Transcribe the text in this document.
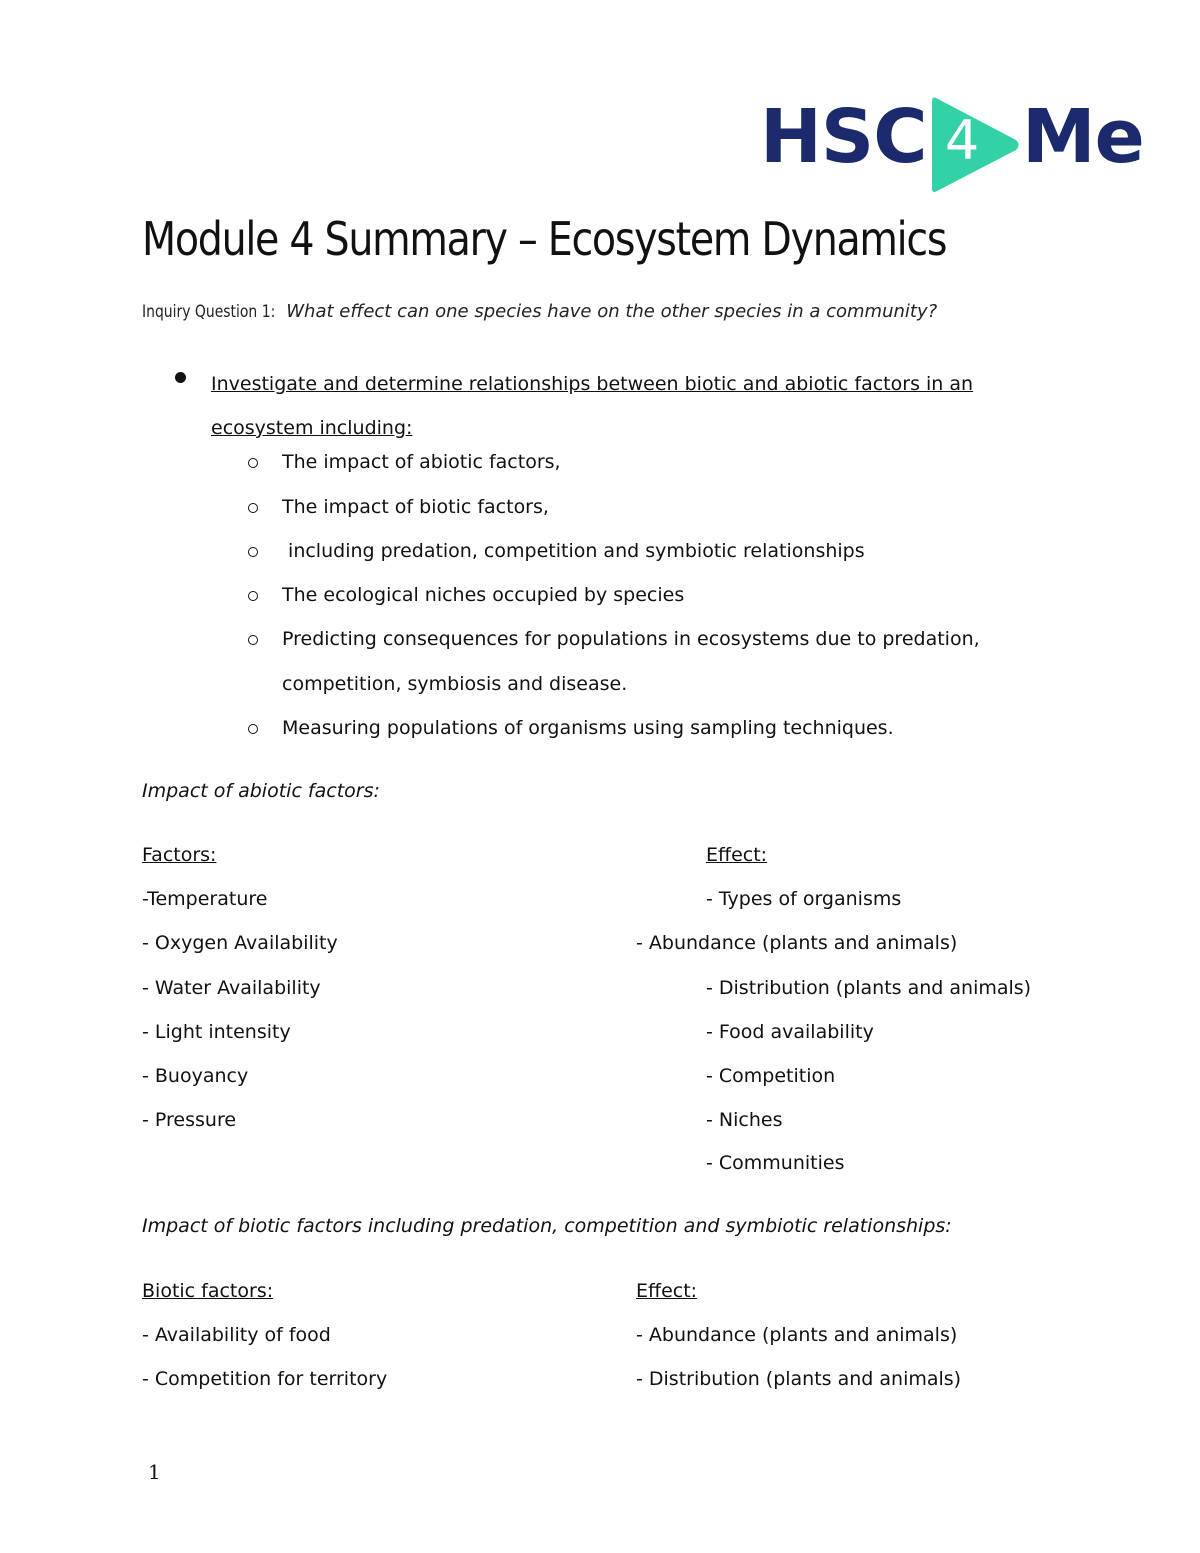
HSC 4 Me
Module 4 Summary – Ecosystem Dynamics
Inquiry Question 1: What effect can one species have on the other species in a community?
Investigate and determine relationships between biotic and abiotic factors in an ecosystem including:
The impact of abiotic factors,
The impact of biotic factors,
including predation, competition and symbiotic relationships
The ecological niches occupied by species
Predicting consequences for populations in ecosystems due to predation,
competition, symbiosis and disease.
Measuring populations of organisms using sampling techniques.
Impact of abiotic factors:
Factors:	Effect:
-Temperature
- Oxygen Availability
- Water Availability
- Light intensity
- Buoyancy
- Pressure
- Types of organisms
- Abundance (plants and animals)
- Distribution (plants and animals)
- Food availability
- Competition
- Niches
- Communities
Impact of biotic factors including predation, competition and symbiotic relationships:
Biotic factors:	Effect:
- Availability of food
- Competition for territory
- Abundance (plants and animals)
- Distribution (plants and animals)
1
